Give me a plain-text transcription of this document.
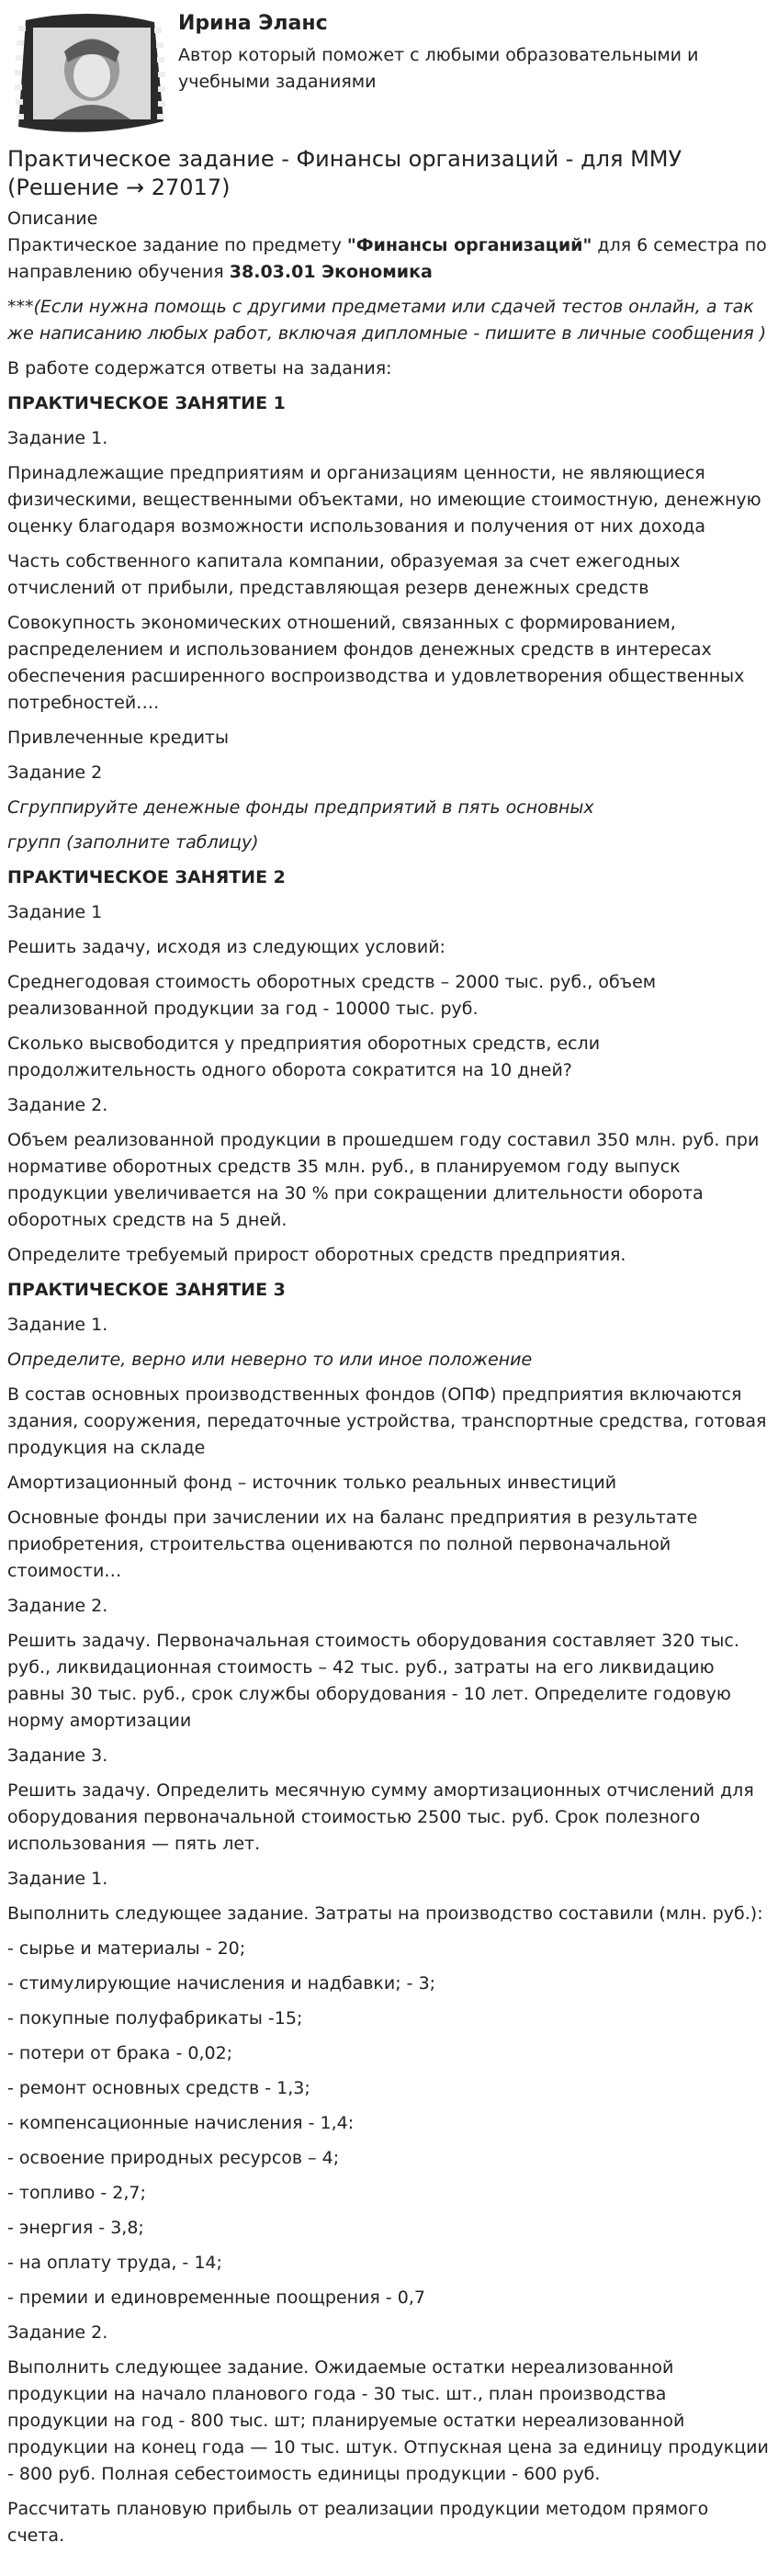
Ирина Эланс

Автор который поможет с любыми образовательными и учебными заданиями

Практическое задание - Финансы организаций - для ММУ
(Решение → 27017)

Описание

Практическое задание по предмету "Финансы организаций" для 6 семестра по направлению обучения 38.03.01 Экономика

***(Если нужна помощь с другими предметами или сдачей тестов онлайн, а так же написанию любых работ, включая дипломные - пишите в личные сообщения )

В работе содержатся ответы на задания:

ПРАКТИЧЕСКОЕ ЗАНЯТИЕ 1

Задание 1.

Принадлежащие предприятиям и организациям ценности, не являющиеся физическими, вещественными объектами, но имеющие стоимостную, денежную оценку благодаря возможности использования и получения от них дохода

Часть собственного капитала компании, образуемая за счет ежегодных отчислений от прибыли, представляющая резерв денежных средств

Совокупность экономических отношений, связанных с формированием, распределением и использованием фондов денежных средств в интересах обеспечения расширенного воспроизводства и удовлетворения общественных потребностей….

Привлеченные кредиты

Задание 2

Сгруппируйте денежные фонды предприятий в пять основных

групп (заполните таблицу)

ПРАКТИЧЕСКОЕ ЗАНЯТИЕ 2

Задание 1

Решить задачу, исходя из следующих условий:

Среднегодовая стоимость оборотных средств – 2000 тыс. руб., объем реализованной продукции за год - 10000 тыс. руб.

Сколько высвободится у предприятия оборотных средств, если продолжительность одного оборота сократится на 10 дней?

Задание 2.

Объем реализованной продукции в прошедшем году составил 350 млн. руб. при нормативе оборотных средств 35 млн. руб., в планируемом году выпуск продукции увеличивается на 30 % при сокращении длительности оборота оборотных средств на 5 дней.

Определите требуемый прирост оборотных средств предприятия.

ПРАКТИЧЕСКОЕ ЗАНЯТИЕ 3

Задание 1.

Определите, верно или неверно то или иное положение

В состав основных производственных фондов (ОПФ) предприятия включаются здания, сооружения, передаточные устройства, транспортные средства, готовая продукция на складе

Амортизационный фонд – источник только реальных инвестиций

Основные фонды при зачислении их на баланс предприятия в результате приобретения, строительства оцениваются по полной первоначальной стоимости…

Задание 2.

Решить задачу. Первоначальная стоимость оборудования составляет 320 тыс. руб., ликвидационная стоимость – 42 тыс. руб., затраты на его ликвидацию равны 30 тыс. руб., срок службы оборудования - 10 лет. Определите годовую норму амортизации

Задание 3.

Решить задачу. Определить месячную сумму амортизационных отчислений для оборудования первоначальной стоимостью 2500 тыс. руб. Срок полезного использования — пять лет.

Задание 1.

Выполнить следующее задание. Затраты на производство составили (млн. руб.):

- сырье и материалы - 20;

- стимулирующие начисления и надбавки; - 3;

- покупные полуфабрикаты -15;

- потери от брака - 0,02;

- ремонт основных средств - 1,3;

- компенсационные начисления - 1,4:

- освоение природных ресурсов – 4;

- топливо - 2,7;

- энергия - 3,8;

- на оплату труда, - 14;

- премии и единовременные поощрения - 0,7

Задание 2.

Выполнить следующее задание. Ожидаемые остатки нереализованной продукции на начало планового года - 30 тыс. шт., план производства продукции на год - 800 тыс. шт; планируемые остатки нереализованной продукции на конец года — 10 тыс. штук. Отпускная цена за единицу продукции - 800 руб. Полная себестоимость единицы продукции - 600 руб.

Рассчитать плановую прибыль от реализации продукции методом прямого счета.
